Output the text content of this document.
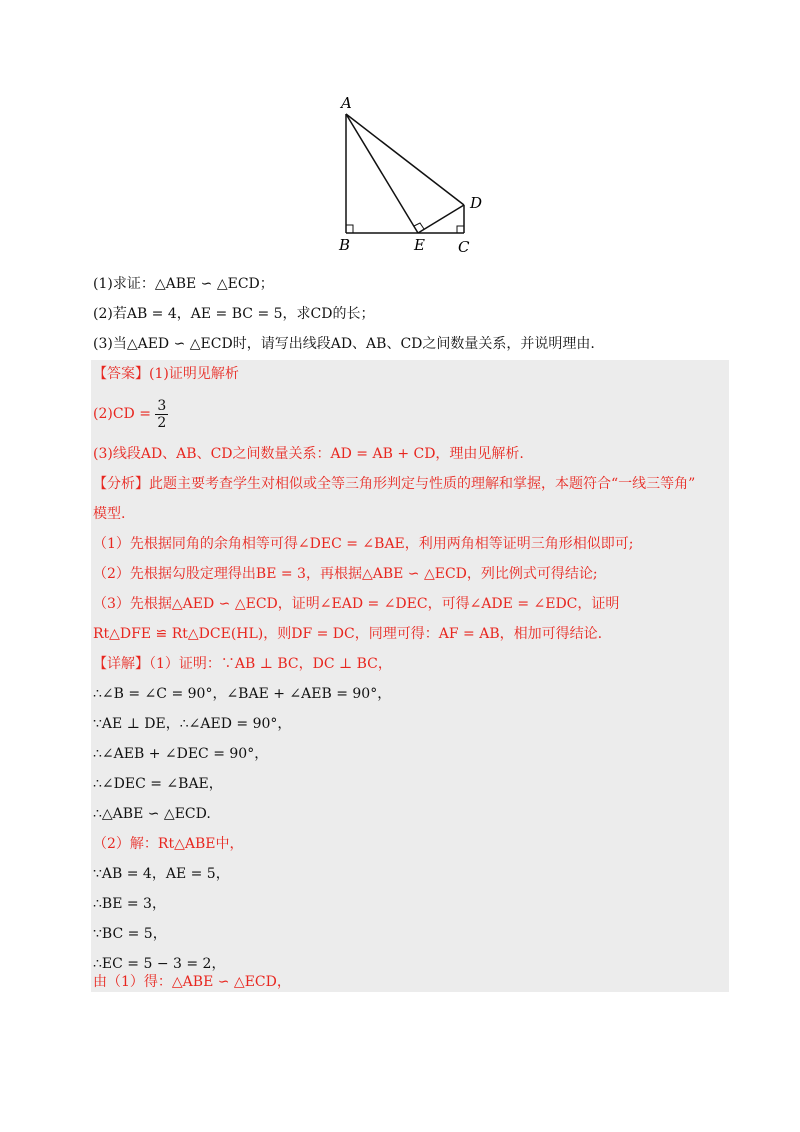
A
B	E C
D
(1)求证：△ABE ∽ △ECD；
(2)若AB = 4，AE = BC = 5，求CD的长；
(3)当△AED ∽ △ECD时，请写出线段AD、AB、CD之间数量关系，并说明理由.
【答案】(1)证明见解析
$(2)CD = \frac{3}{2}$
(3)线段AD、AB、CD之间数量关系：AD = AB + CD，理由见解析.
【分析】此题主要考查学生对相似或全等三角形判定与性质的理解和掌握，本题符合“一线三等角”
模型.
（1）先根据同角的余角相等可得∠DEC = ∠BAE，利用两角相等证明三角形相似即可;
（2）先根据勾股定理得出BE = 3，再根据△ABE ∽ △ECD，列比例式可得结论;
（3）先根据△AED ∽ △ECD，证明∠EAD = ∠DEC，可得∠ADE = ∠EDC，证明
Rt△DFE ≌ Rt△DCE(HL)，则DF = DC，同理可得：AF = AB，相加可得结论.
【详解】（1）证明：∵AB ⊥ BC，DC ⊥ BC，
∴∠B = ∠C = 90°，∠BAE + ∠AEB = 90°，
∵AE ⊥ DE，∴∠AED = 90°，
∴∠AEB + ∠DEC = 90°，
∴∠DEC = ∠BAE，
∴△ABE ∽ △ECD.
（2）解：Rt△ABE中，
∵AB = 4，AE = 5，
∴BE = 3，
∵BC = 5，
∴EC = 5 − 3 = 2，
由（1）得：△ABE ∽ △ECD，
